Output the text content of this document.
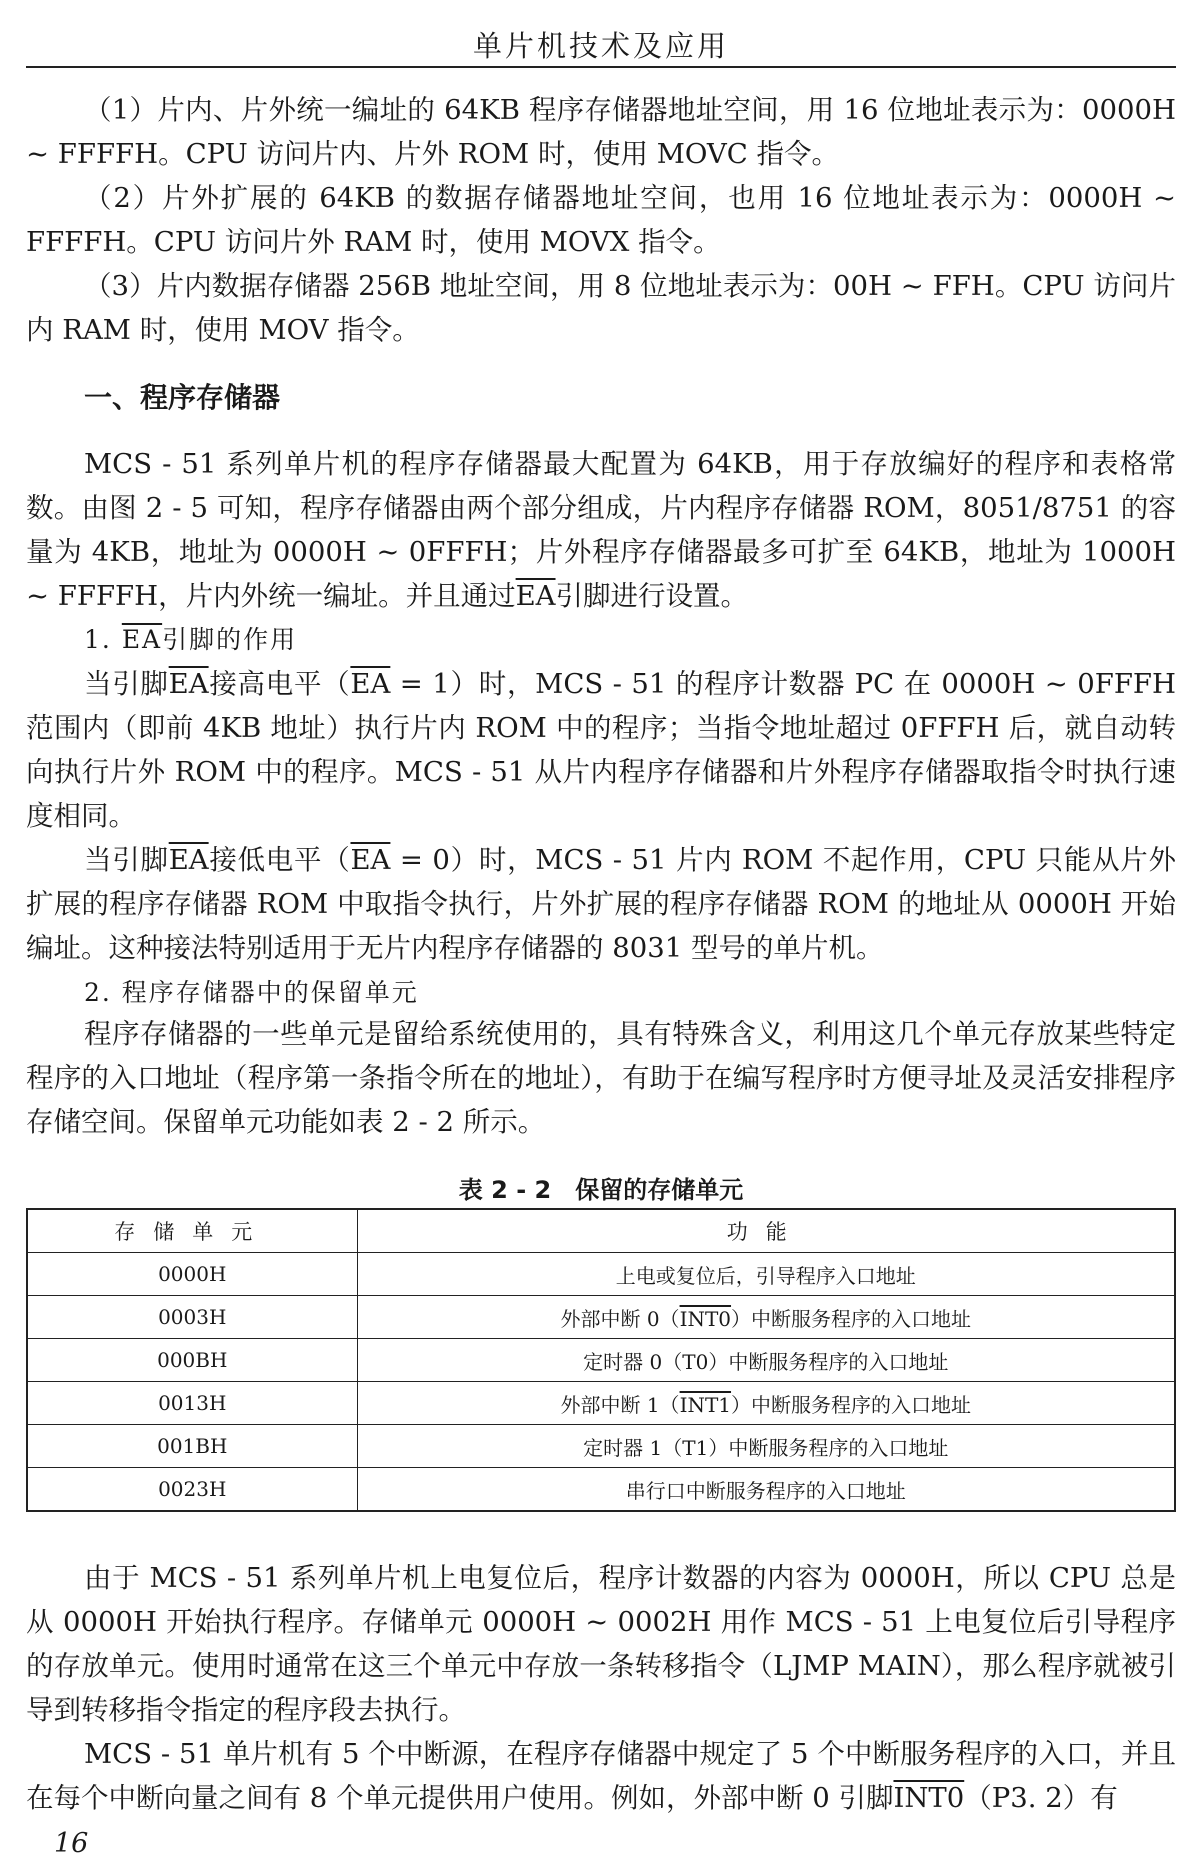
单片机技术及应用

（1）片内、片外统一编址的 64KB 程序存储器地址空间，用 16 位地址表示为：0000H ~ FFFFH。CPU 访问片内、片外 ROM 时，使用 MOVC 指令。

（2）片外扩展的 64KB 的数据存储器地址空间，也用 16 位地址表示为：0000H ~ FFFFH。CPU 访问片外 RAM 时，使用 MOVX 指令。

（3）片内数据存储器 256B 地址空间，用 8 位地址表示为：00H ~ FFH。CPU 访问片内 RAM 时，使用 MOV 指令。

一、程序存储器

MCS - 51 系列单片机的程序存储器最大配置为 64KB，用于存放编好的程序和表格常数。由图 2 - 5 可知，程序存储器由两个部分组成，片内程序存储器 ROM，8051/8751 的容量为 4KB，地址为 0000H ~ 0FFFH；片外程序存储器最多可扩至 64KB，地址为 1000H ~ FFFFH，片内外统一编址。并且通过$\overline{EA}$引脚进行设置。

1. $\overline{EA}$引脚的作用

当引脚$\overline{EA}$接高电平$(\overline{EA} = 1)$时，MCS - 51 的程序计数器 PC 在 0000H ~ 0FFFH 范围内（即前 4KB 地址）执行片内 ROM 中的程序；当指令地址超过 0FFFH 后，就自动转向执行片外 ROM 中的程序。MCS - 51 从片内程序存储器和片外程序存储器取指令时执行速度相同。

当引脚$\overline{EA}$接低电平$(\overline{EA} = 0)$时，MCS - 51 片内 ROM 不起作用，CPU 只能从片外扩展的程序存储器 ROM 中取指令执行，片外扩展的程序存储器 ROM 的地址从 0000H 开始编址。这种接法特别适用于无片内程序存储器的 8031 型号的单片机。

2. 程序存储器中的保留单元

程序存储器的一些单元是留给系统使用的，具有特殊含义，利用这几个单元存放某些特定程序的入口地址（程序第一条指令所在的地址），有助于在编写程序时方便寻址及灵活安排程序存储空间。保留单元功能如表 2 - 2 所示。

表 2 - 2　保留的存储单元
存储单元	功能
0000H	上电或复位后，引导程序入口地址
0003H	外部中断 0（INT0）中断服务程序的入口地址
000BH	定时器 0（T0）中断服务程序的入口地址
0013H	外部中断 1（INT1）中断服务程序的入口地址
001BH	定时器 1（T1）中断服务程序的入口地址
0023H	串行口中断服务程序的入口地址

由于 MCS - 51 系列单片机上电复位后，程序计数器的内容为 0000H，所以 CPU 总是从 0000H 开始执行程序。存储单元 0000H ~ 0002H 用作 MCS - 51 上电复位后引导程序的存放单元。使用时通常在这三个单元中存放一条转移指令（LJMP MAIN），那么程序就被引导到转移指令指定的程序段去执行。

MCS - 51 单片机有 5 个中断源，在程序存储器中规定了 5 个中断服务程序的入口，并且在每个中断向量之间有 8 个单元提供用户使用。例如，外部中断 0 引脚INT0（P3. 2）有

16
